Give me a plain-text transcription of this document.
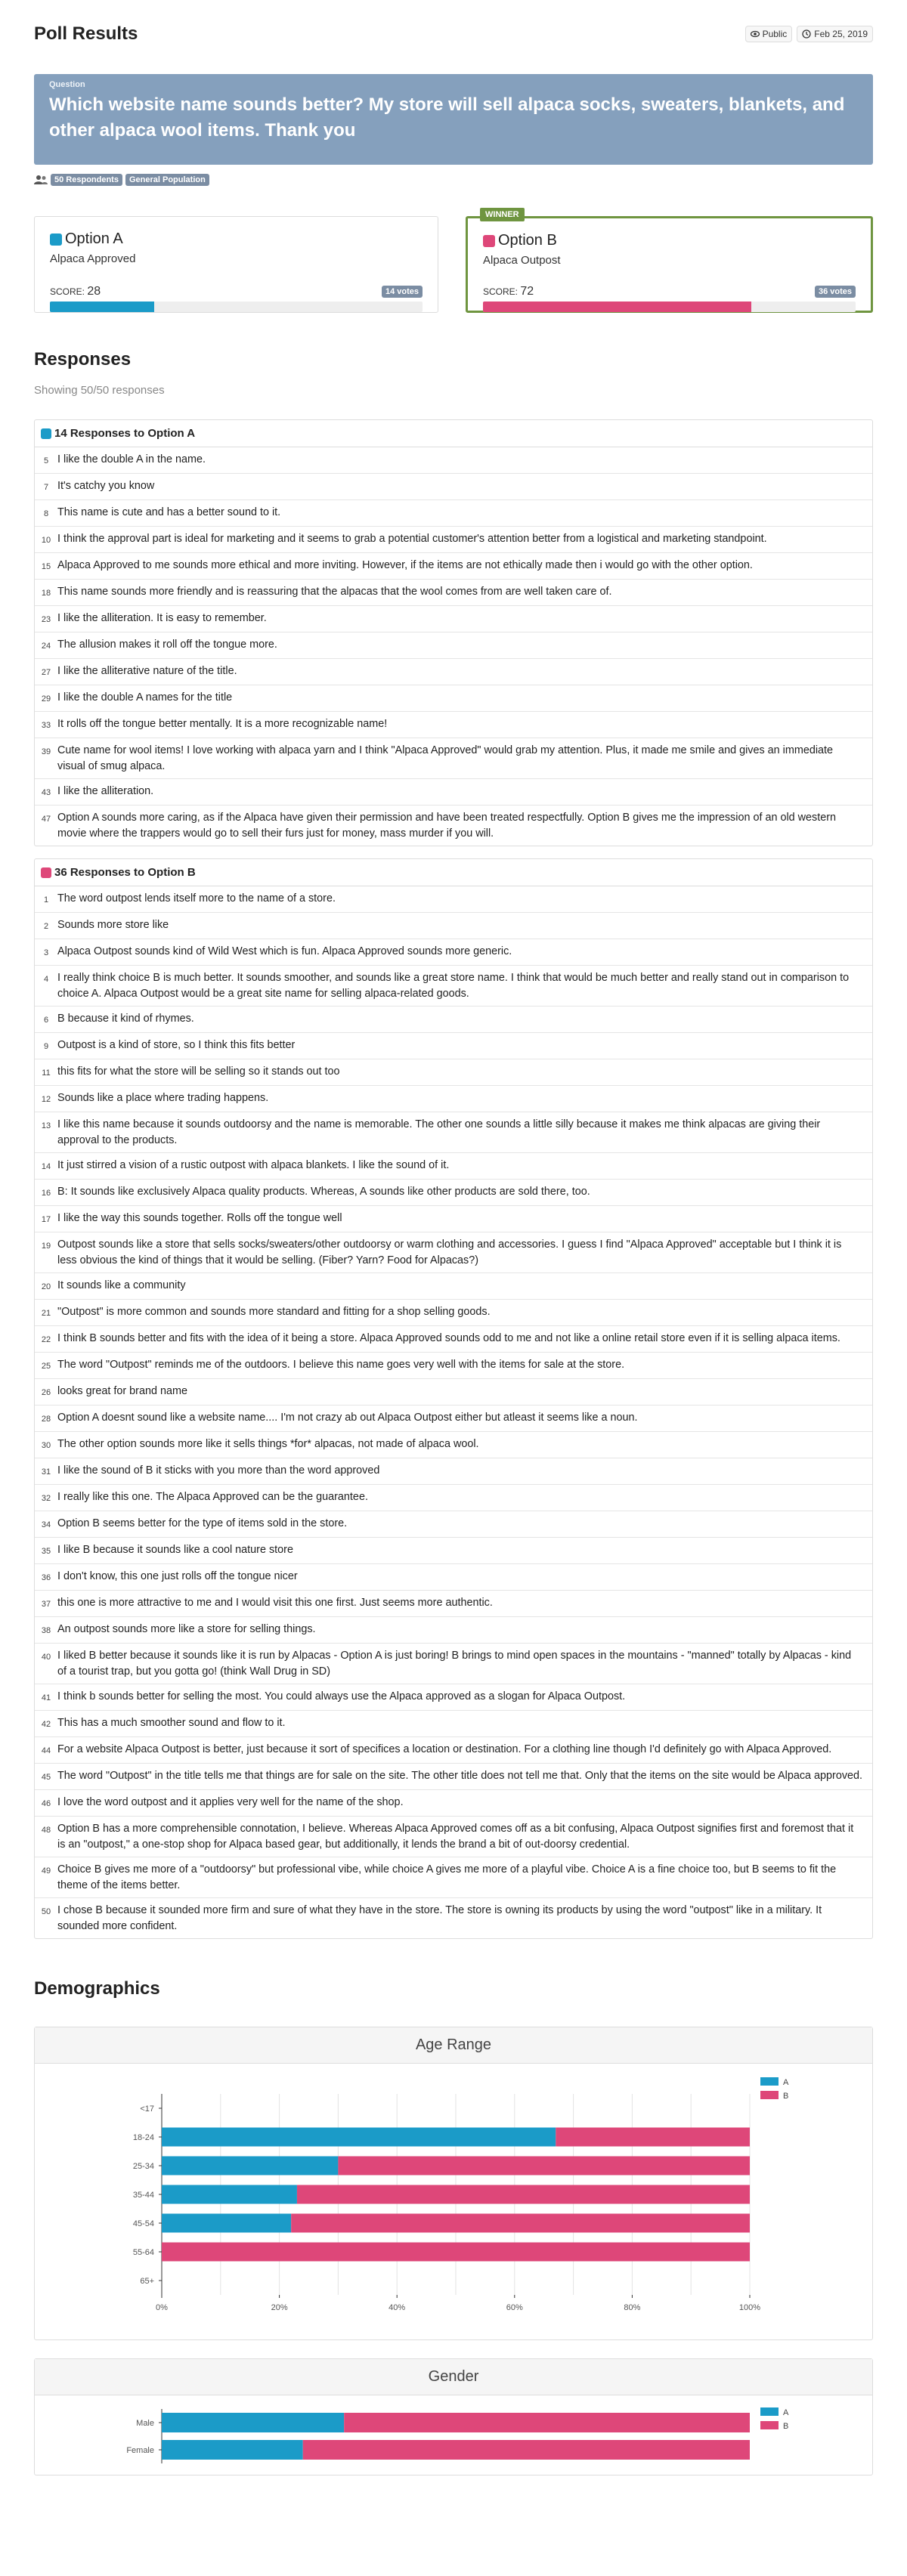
Poll Results	Public	Feb 25, 2019
Question
Which website name sounds better? My store will sell alpaca socks, sweaters, blankets, and other alpaca wool items. Thank you
50 Respondents	General Population
Option A
Alpaca Approved
SCORE: 28	14 votes
WINNER
Option B
Alpaca Outpost
SCORE: 72	36 votes
Responses
Showing 50/50 responses
14 Responses to Option A
5 I like the double A in the name.
7 It's catchy you know
8 This name is cute and has a better sound to it.
10 I think the approval part is ideal for marketing and it seems to grab a potential customer's attention better from a logistical and marketing standpoint.
15 Alpaca Approved to me sounds more ethical and more inviting. However, if the items are not ethically made then i would go with the other option.
18 This name sounds more friendly and is reassuring that the alpacas that the wool comes from are well taken care of.
23 I like the alliteration. It is easy to remember.
24 The allusion makes it roll off the tongue more.
27 I like the alliterative nature of the title.
29 I like the double A names for the title
33 It rolls off the tongue better mentally. It is a more recognizable name!
39 Cute name for wool items! I love working with alpaca yarn and I think "Alpaca Approved" would grab my attention. Plus, it made me smile and gives an immediate visual of smug alpaca.
43 I like the alliteration.
47 Option A sounds more caring, as if the Alpaca have given their permission and have been treated respectfully. Option B gives me the impression of an old western movie where the trappers would go to sell their furs just for money, mass murder if you will.
36 Responses to Option B
1 The word outpost lends itself more to the name of a store.
2 Sounds more store like
3 Alpaca Outpost sounds kind of Wild West which is fun. Alpaca Approved sounds more generic.
4 I really think choice B is much better. It sounds smoother, and sounds like a great store name. I think that would be much better and really stand out in comparison to choice A. Alpaca Outpost would be a great site name for selling alpaca-related goods.
6 B because it kind of rhymes.
9 Outpost is a kind of store, so I think this fits better
11 this fits for what the store will be selling so it stands out too
12 Sounds like a place where trading happens.
13 I like this name because it sounds outdoorsy and the name is memorable. The other one sounds a little silly because it makes me think alpacas are giving their approval to the products.
14 It just stirred a vision of a rustic outpost with alpaca blankets. I like the sound of it.
16 B: It sounds like exclusively Alpaca quality products. Whereas, A sounds like other products are sold there, too.
17 I like the way this sounds together. Rolls off the tongue well
19 Outpost sounds like a store that sells socks/sweaters/other outdoorsy or warm clothing and accessories. I guess I find "Alpaca Approved" acceptable but I think it is less obvious the kind of things that it would be selling. (Fiber? Yarn? Food for Alpacas?)
20 It sounds like a community
21 "Outpost" is more common and sounds more standard and fitting for a shop selling goods.
22 I think B sounds better and fits with the idea of it being a store. Alpaca Approved sounds odd to me and not like a online retail store even if it is selling alpaca items.
25 The word "Outpost" reminds me of the outdoors. I believe this name goes very well with the items for sale at the store.
26 looks great for brand name
28 Option A doesnt sound like a website name.... I'm not crazy ab out Alpaca Outpost either but atleast it seems like a noun.
30 The other option sounds more like it sells things *for* alpacas, not made of alpaca wool.
31 I like the sound of B it sticks with you more than the word approved
32 I really like this one. The Alpaca Approved can be the guarantee.
34 Option B seems better for the type of items sold in the store.
35 I like B because it sounds like a cool nature store
36 I don't know, this one just rolls off the tongue nicer
37 this one is more attractive to me and I would visit this one first. Just seems more authentic.
38 An outpost sounds more like a store for selling things.
40 I liked B better because it sounds like it is run by Alpacas - Option A is just boring! B brings to mind open spaces in the mountains - "manned" totally by Alpacas - kind of a tourist trap, but you gotta go! (think Wall Drug in SD)
41 I think b sounds better for selling the most. You could always use the Alpaca approved as a slogan for Alpaca Outpost.
42 This has a much smoother sound and flow to it.
44 For a website Alpaca Outpost is better, just because it sort of specifices a location or destination. For a clothing line though I'd definitely go with Alpaca Approved.
45 The word "Outpost" in the title tells me that things are for sale on the site. The other title does not tell me that. Only that the items on the site would be Alpaca approved.
46 I love the word outpost and it applies very well for the name of the shop.
48 Option B has a more comprehensible connotation, I believe. Whereas Alpaca Approved comes off as a bit confusing, Alpaca Outpost signifies first and foremost that it is an "outpost," a one-stop shop for Alpaca based gear, but additionally, it lends the brand a bit of out-doorsy credential.
49 Choice B gives me more of a "outdoorsy" but professional vibe, while choice A gives me more of a playful vibe. Choice A is a fine choice too, but B seems to fit the theme of the items better.
50 I chose B because it sounded more firm and sure of what they have in the store. The store is owning its products by using the word "outpost" like in a military. It sounded more confident.
Demographics
Age Range
<17
18-24
25-34
35-44
45-54
55-64
65+
0%	20%	40%	60%	80%	100%
A
B
Gender
Male
Female
A
B
